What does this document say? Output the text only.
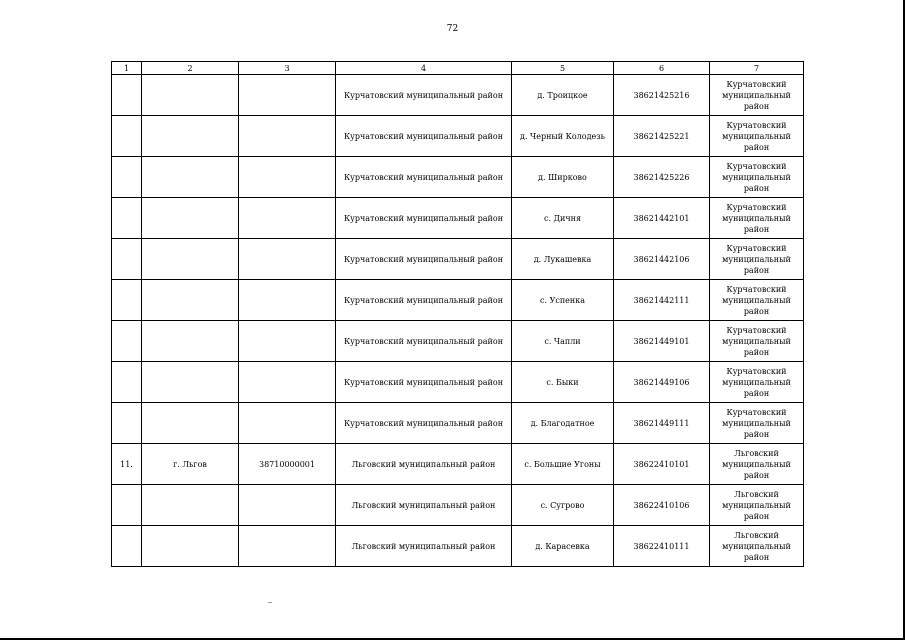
72
1	2	3	4	5	6	7
			Курчатовский муниципальный район	д. Троицкое	38621425216	Курчатовский муниципальный район
			Курчатовский муниципальный район	д. Черный Колодезь	38621425221	Курчатовский муниципальный район
			Курчатовский муниципальный район	д. Ширково	38621425226	Курчатовский муниципальный район
			Курчатовский муниципальный район	с. Дичня	38621442101	Курчатовский муниципальный район
			Курчатовский муниципальный район	д. Лукашевка	38621442106	Курчатовский муниципальный район
			Курчатовский муниципальный район	с. Успенка	38621442111	Курчатовский муниципальный район
			Курчатовский муниципальный район	с. Чапли	38621449101	Курчатовский муниципальный район
			Курчатовский муниципальный район	с. Быки	38621449106	Курчатовский муниципальный район
			Курчатовский муниципальный район	д. Благодатное	38621449111	Курчатовский муниципальный район
11.	г. Льгов	38710000001	Льговский муниципальный район	с. Большие Угоны	38622410101	Льговский муниципальный район
			Льговский муниципальный район	с. Сугрово	38622410106	Льговский муниципальный район
			Льговский муниципальный район	д. Карасевка	38622410111	Льговский муниципальный район
